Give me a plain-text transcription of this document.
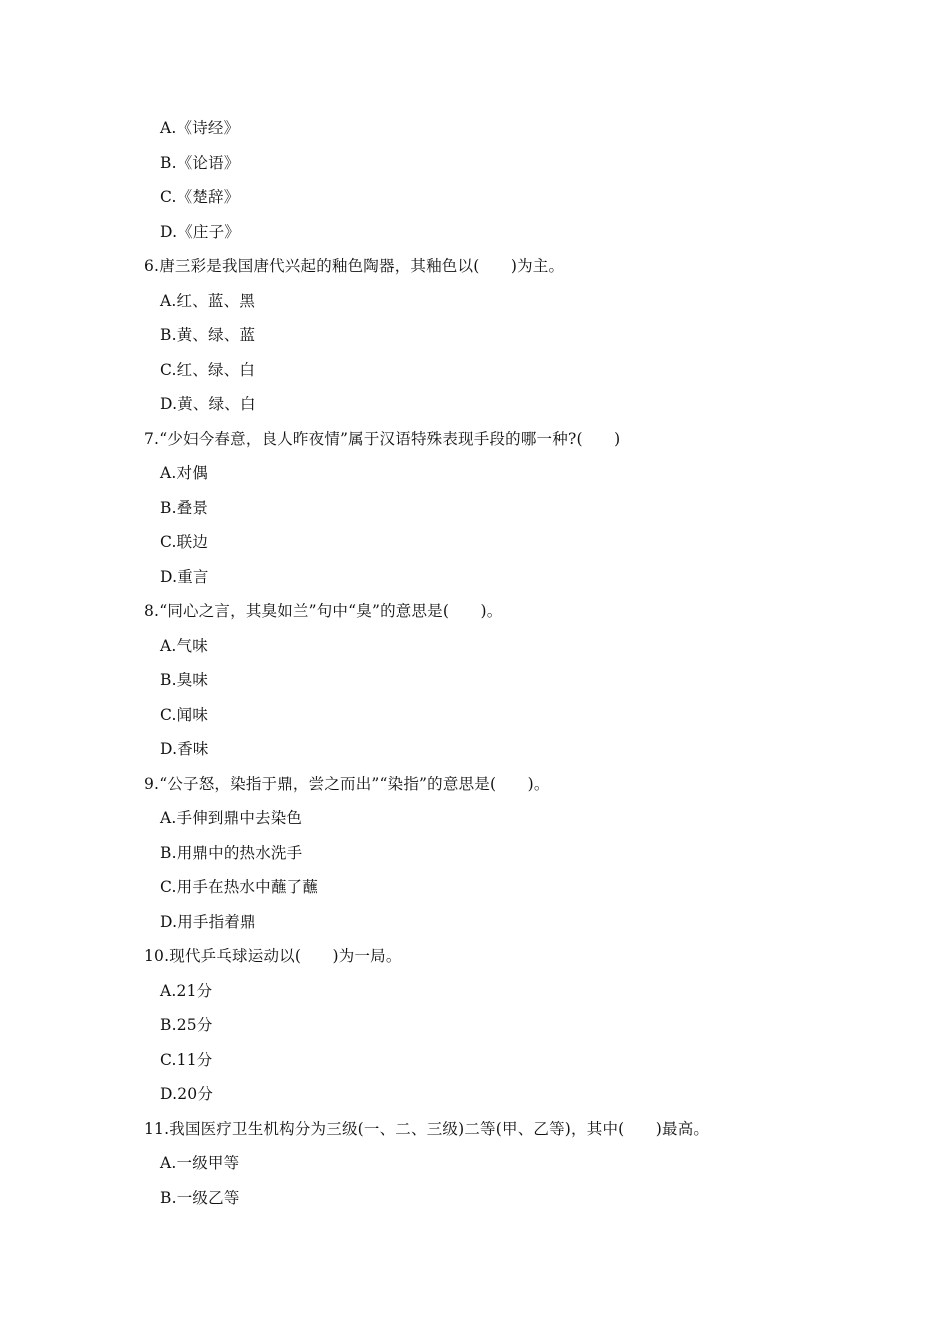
A.《诗经》
B.《论语》
C.《楚辞》
D.《庄子》
6.唐三彩是我国唐代兴起的釉色陶器，其釉色以(　　)为主。
A.红、蓝、黑
B.黄、绿、蓝
C.红、绿、白
D.黄、绿、白
7.“少妇今春意，良人昨夜情”属于汉语特殊表现手段的哪一种?(　　)
A.对偶
B.叠景
C.联边
D.重言
8.“同心之言，其臭如兰”句中“臭”的意思是(　　)。
A.气味
B.臭味
C.闻味
D.香味
9.“公子怒，染指于鼎，尝之而出”“染指”的意思是(　　)。
A.手伸到鼎中去染色
B.用鼎中的热水洗手
C.用手在热水中蘸了蘸
D.用手指着鼎
10.现代乒乓球运动以(　　)为一局。
A.21分
B.25分
C.11分
D.20分
11.我国医疗卫生机构分为三级(一、二、三级)二等(甲、乙等)，其中(　　)最高。
A.一级甲等
B.一级乙等
